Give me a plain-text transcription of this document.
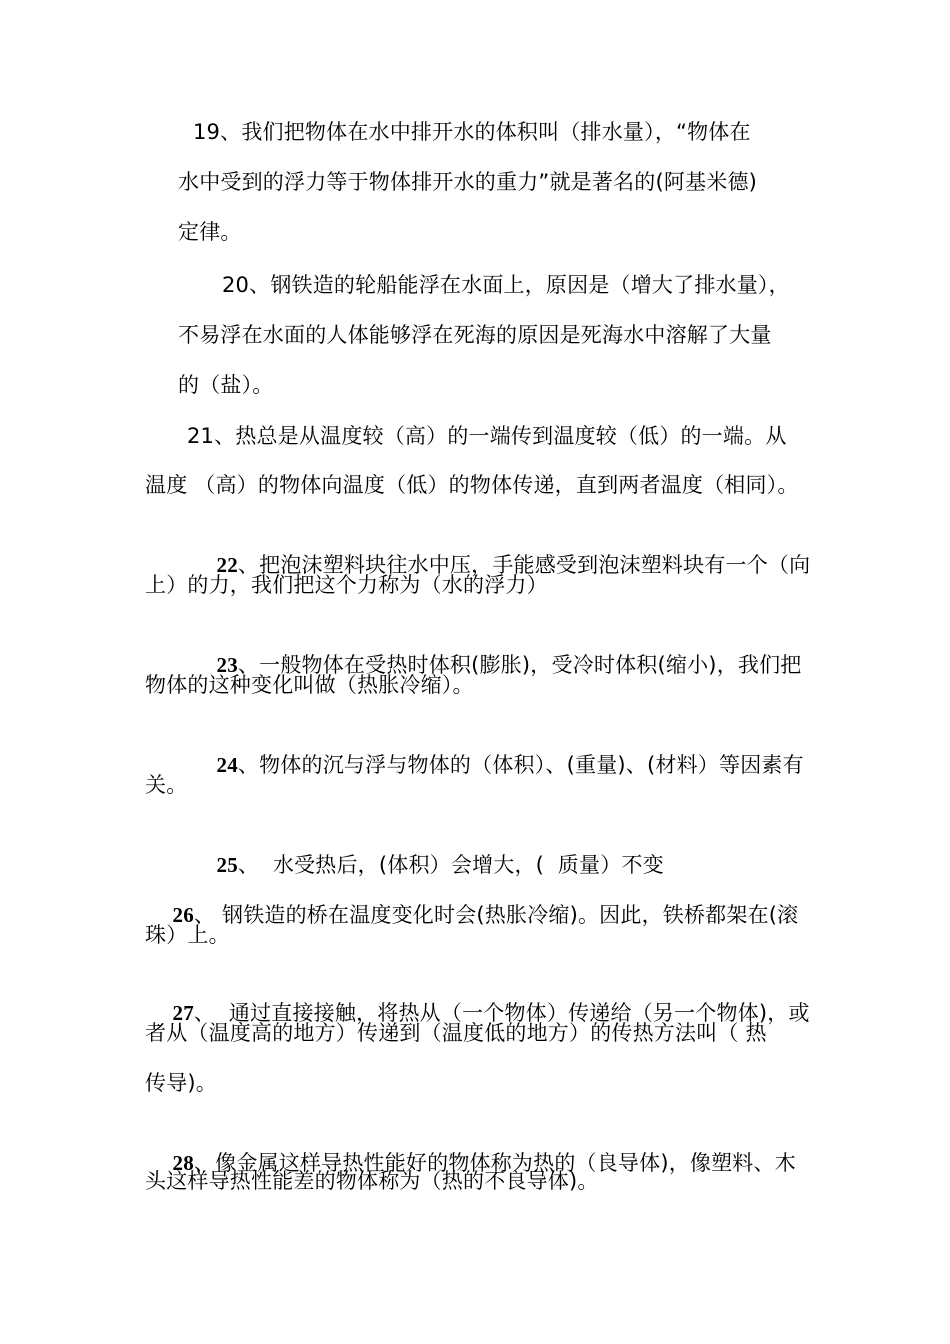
19、我们把物体在水中排开水的体积叫（排水量），“物体在
水中受到的浮力等于物体排开水的重力”就是著名的(阿基米德)
定律。
20、钢铁造的轮船能浮在水面上，原因是（增大了排水量），
不易浮在水面的人体能够浮在死海的原因是死海水中溶解了大量
的（盐）。
21、热总是从温度较（高）的一端传到温度较（低）的一端。从
温度 （高）的物体向温度（低）的物体传递，直到两者温度（相同）。

22、把泡沫塑料块往水中压，手能感受到泡沫塑料块有一个（向

上）的力，我们把这个力称为（水的浮力）

23、一般物体在受热时体积(膨胀)，受冷时体积(缩小)，我们把

物体的这种变化叫做（热胀冷缩）。

24、物体的沉与浮与物体的（体积）、(重量)、(材料）等因素有

关。

25、  水受热后，(体积）会增大，(  质量）不变

26、 钢铁造的桥在温度变化时会(热胀冷缩)。因此，铁桥都架在(滚

珠）上。

27、  通过直接接触，将热从（一个物体）传递给（另一个物体)，或

者从（温度高的地方）传递到（温度低的地方）的传热方法叫（ 热
传导)。

28、像金属这样导热性能好的物体称为热的（良导体)，像塑料、木

头这样导热性能差的物体称为（热的不良导体)。
